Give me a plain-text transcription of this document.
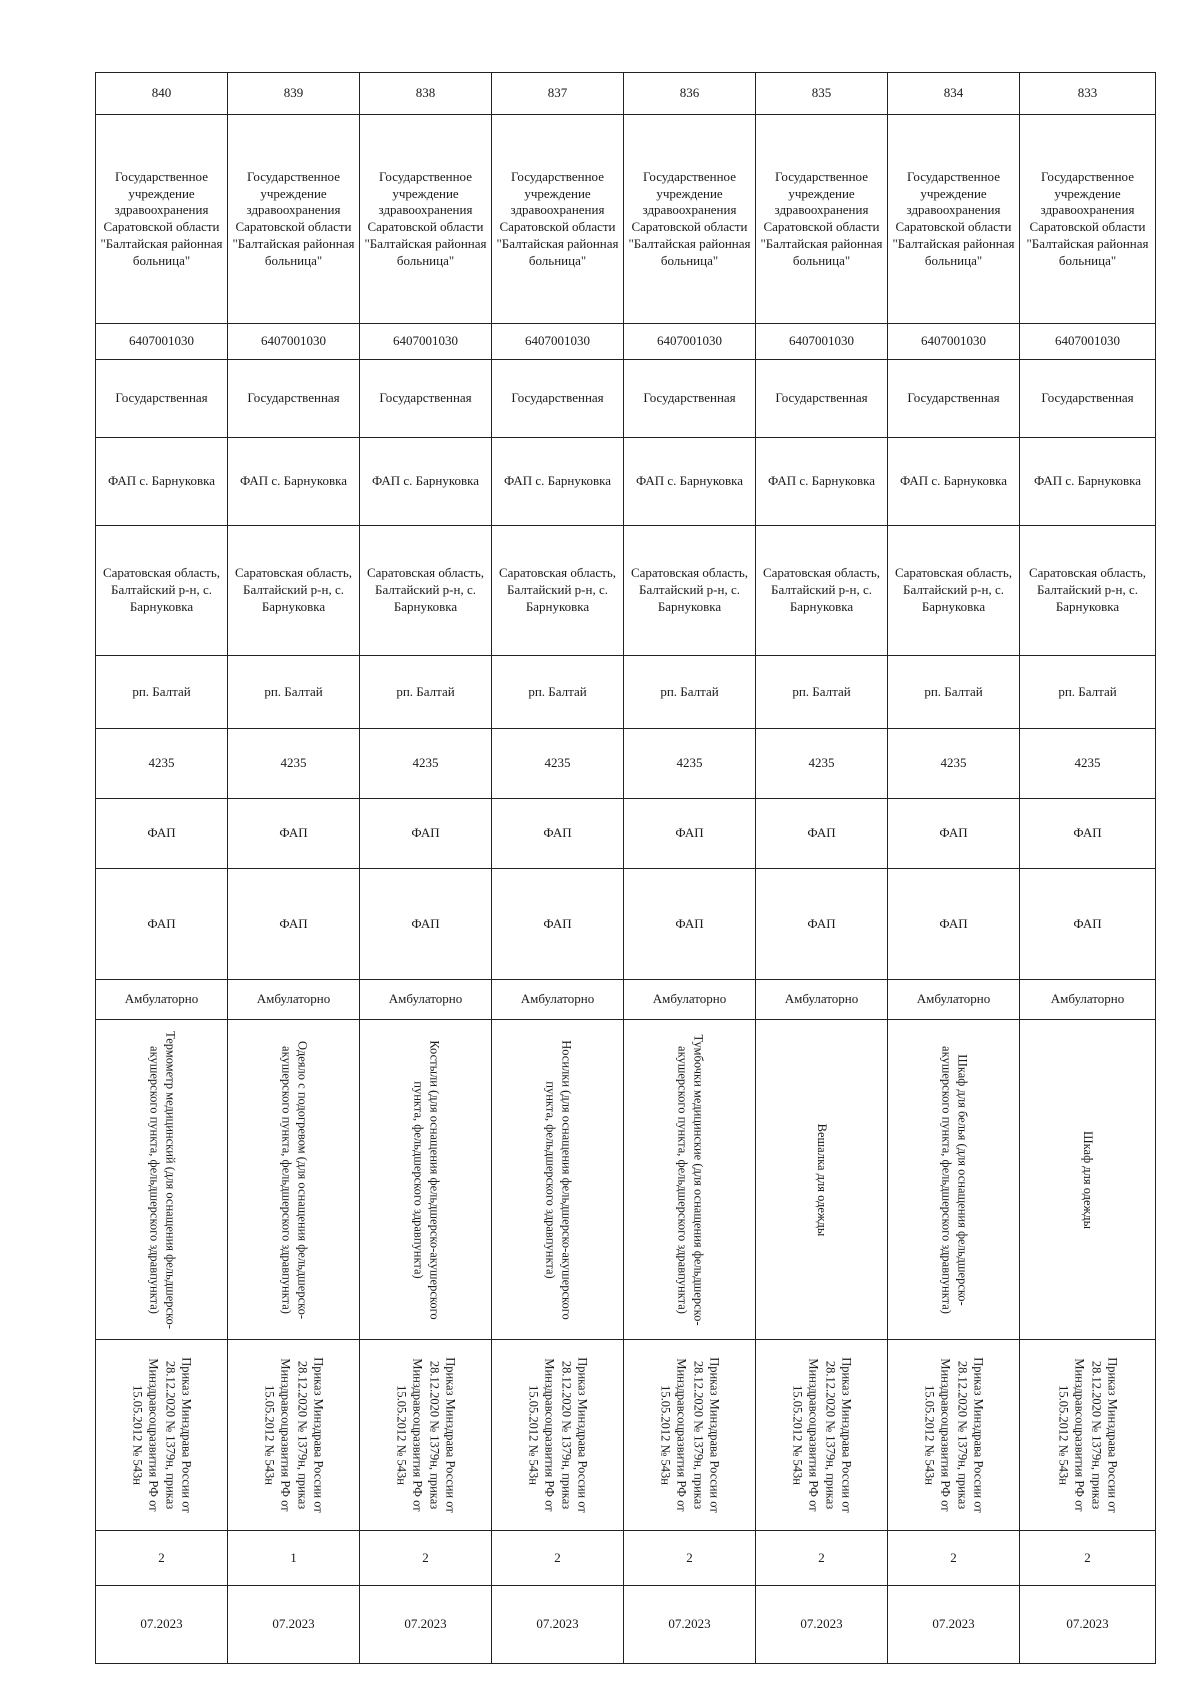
840	839	838	837	836	835	834	833
Государственное учреждение здравоохранения Саратовской области "Балтайская районная больница"	Государственное учреждение здравоохранения Саратовской области "Балтайская районная больница"	Государственное учреждение здравоохранения Саратовской области "Балтайская районная больница"	Государственное учреждение здравоохранения Саратовской области "Балтайская районная больница"	Государственное учреждение здравоохранения Саратовской области "Балтайская районная больница"	Государственное учреждение здравоохранения Саратовской области "Балтайская районная больница"	Государственное учреждение здравоохранения Саратовской области "Балтайская районная больница"	Государственное учреждение здравоохранения Саратовской области "Балтайская районная больница"
6407001030	6407001030	6407001030	6407001030	6407001030	6407001030	6407001030	6407001030
Государственная	Государственная	Государственная	Государственная	Государственная	Государственная	Государственная	Государственная
ФАП с. Барнуковка	ФАП с. Барнуковка	ФАП с. Барнуковка	ФАП с. Барнуковка	ФАП с. Барнуковка	ФАП с. Барнуковка	ФАП с. Барнуковка	ФАП с. Барнуковка
Саратовская область, Балтайский р-н, с. Барнуковка	Саратовская область, Балтайский р-н, с. Барнуковка	Саратовская область, Балтайский р-н, с. Барнуковка	Саратовская область, Балтайский р-н, с. Барнуковка	Саратовская область, Балтайский р-н, с. Барнуковка	Саратовская область, Балтайский р-н, с. Барнуковка	Саратовская область, Балтайский р-н, с. Барнуковка	Саратовская область, Балтайский р-н, с. Барнуковка
рп. Балтай	рп. Балтай	рп. Балтай	рп. Балтай	рп. Балтай	рп. Балтай	рп. Балтай	рп. Балтай
4235	4235	4235	4235	4235	4235	4235	4235
ФАП	ФАП	ФАП	ФАП	ФАП	ФАП	ФАП	ФАП
ФАП	ФАП	ФАП	ФАП	ФАП	ФАП	ФАП	ФАП
Амбулаторно	Амбулаторно	Амбулаторно	Амбулаторно	Амбулаторно	Амбулаторно	Амбулаторно	Амбулаторно

Термометр медицинский (для оснащения фельдшерско-акушерского пункта, фельдшерского здравпункта)	Одеяло с подогревом (для оснащения фельдшерско-акушерского пункта, фельдшерского здравпункта)	Костыли (для оснащения фельдшерско-акушерского пункта, фельдшерского здравпункта)	Носилки (для оснащения фельдшерско-акушерского пункта, фельдшерского здравпункта)	Тумбочки медицинские (для оснащения фельдшерско-акушерского пункта, фельдшерского здравпункта)	Вешалка для одежды	Шкаф для белья (для оснащения фельдшерско-акушерского пункта, фельдшерского здравпункта)	Шкаф для одежды

Приказ Минздрава России от 28.12.2020 № 1379н, приказ Минздравсоцразвития РФ от 15.05.2012 № 543н	Приказ Минздрава России от 28.12.2020 № 1379н, приказ Минздравсоцразвития РФ от 15.05.2012 № 543н	Приказ Минздрава России от 28.12.2020 № 1379н, приказ Минздравсоцразвития РФ от 15.05.2012 № 543н	Приказ Минздрава России от 28.12.2020 № 1379н, приказ Минздравсоцразвития РФ от 15.05.2012 № 543н	Приказ Минздрава России от 28.12.2020 № 1379н, приказ Минздравсоцразвития РФ от 15.05.2012 № 543н	Приказ Минздрава России от 28.12.2020 № 1379н, приказ Минздравсоцразвития РФ от 15.05.2012 № 543н	Приказ Минздрава России от 28.12.2020 № 1379н, приказ Минздравсоцразвития РФ от 15.05.2012 № 543н	Приказ Минздрава России от 28.12.2020 № 1379н, приказ Минздравсоцразвития РФ от 15.05.2012 № 543н

2	1	2	2	2	2	2	2
07.2023	07.2023	07.2023	07.2023	07.2023	07.2023	07.2023	07.2023
